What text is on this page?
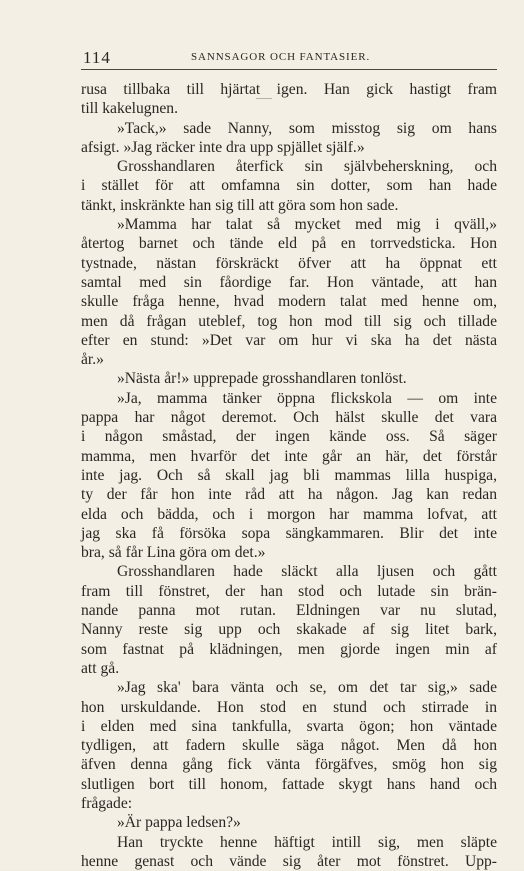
114	SANNSAGOR OCH FANTASIER.
rusa tillbaka till hjärtat igen. Han gick hastigt fram
till kakelugnen.
»Tack,» sade Nanny, som misstog sig om hans
afsigt. »Jag räcker inte dra upp spjället själf.»
Grosshandlaren återfick sin självbeherskning, och
i stället för att omfamna sin dotter, som han hade
tänkt, inskränkte han sig till att göra som hon sade.
»Mamma har talat så mycket med mig i qväll,»
återtog barnet och tände eld på en torrvedsticka. Hon
tystnade, nästan förskräckt öfver att ha öppnat ett
samtal med sin fåordige far. Hon väntade, att han
skulle fråga henne, hvad modern talat med henne om,
men då frågan uteblef, tog hon mod till sig och tillade
efter en stund: »Det var om hur vi ska ha det nästa
år.»
»Nästa år!» upprepade grosshandlaren tonlöst.
»Ja, mamma tänker öppna flickskola — om inte
pappa har något deremot. Och hälst skulle det vara
i någon småstad, der ingen kände oss. Så säger
mamma, men hvarför det inte går an här, det förstår
inte jag. Och så skall jag bli mammas lilla huspiga,
ty der får hon inte råd att ha någon. Jag kan redan
elda och bädda, och i morgon har mamma lofvat, att
jag ska få försöka sopa sängkammaren. Blir det inte
bra, så får Lina göra om det.»
Grosshandlaren hade släckt alla ljusen och gått
fram till fönstret, der han stod och lutade sin brän-
nande panna mot rutan. Eldningen var nu slutad,
Nanny reste sig upp och skakade af sig litet bark,
som fastnat på klädningen, men gjorde ingen min af
att gå.
»Jag ska' bara vänta och se, om det tar sig,» sade
hon urskuldande. Hon stod en stund och stirrade in
i elden med sina tankfulla, svarta ögon; hon väntade
tydligen, att fadern skulle säga något. Men då hon
äfven denna gång fick vänta förgäfves, smög hon sig
slutligen bort till honom, fattade skygt hans hand och
frågade:
»Är pappa ledsen?»
Han tryckte henne häftigt intill sig, men släpte
henne genast och vände sig åter mot fönstret. Upp-
